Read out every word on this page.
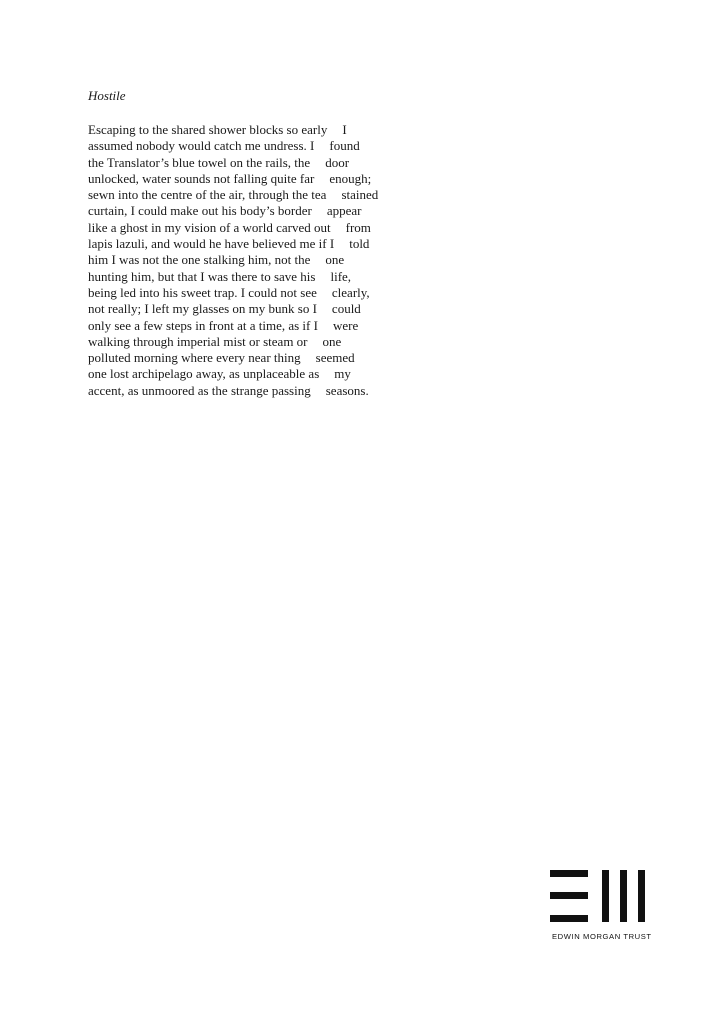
Hostile
Escaping to the shared shower blocks so early I
assumed nobody would catch me undress. I found
the Translator’s blue towel on the rails, the door
unlocked, water sounds not falling quite far enough;
sewn into the centre of the air, through the tea stained
curtain, I could make out his body’s border appear
like a ghost in my vision of a world carved out from
lapis lazuli, and would he have believed me if I told
him I was not the one stalking him, not the one
hunting him, but that I was there to save his life,
being led into his sweet trap. I could not see clearly,
not really; I left my glasses on my bunk so I could
only see a few steps in front at a time, as if I were
walking through imperial mist or steam or one
polluted morning where every near thing seemed
one lost archipelago away, as unplaceable as my
accent, as unmoored as the strange passing seasons.
EDWIN MORGAN TRUST
